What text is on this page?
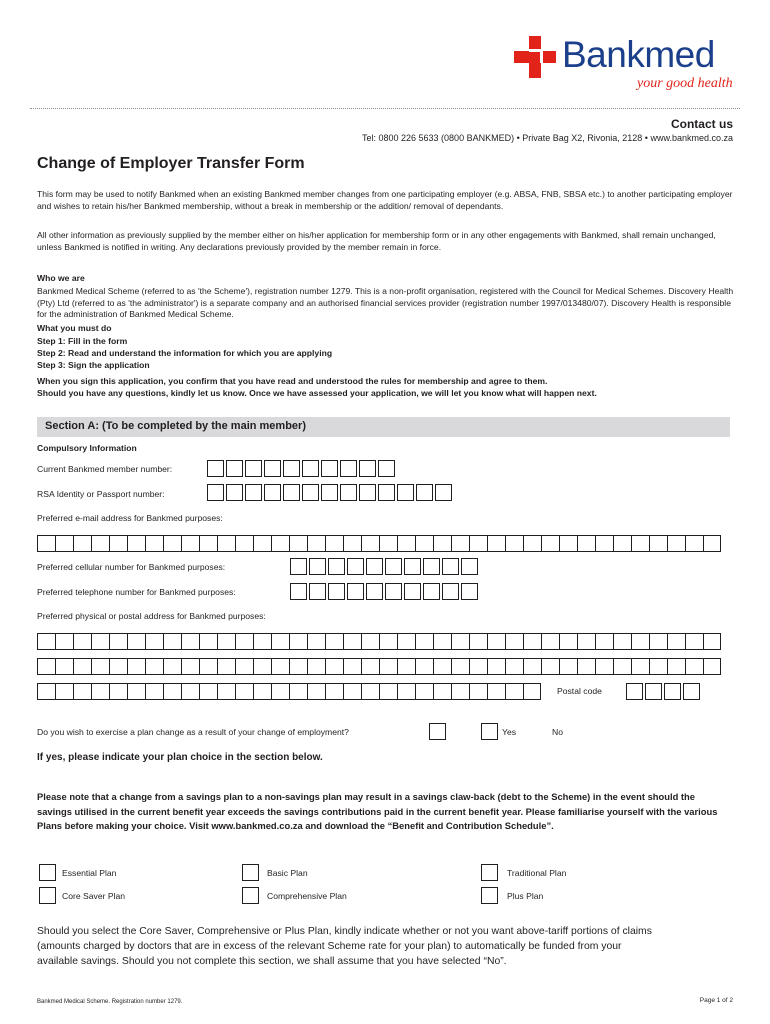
Bankmed
your good health
Contact us
Tel: 0800 226 5633 (0800 BANKMED) • Private Bag X2, Rivonia, 2128 • www.bankmed.co.za
Change of Employer Transfer Form
This form may be used to notify Bankmed when an existing Bankmed member changes from one participating employer (e.g. ABSA, FNB, SBSA etc.) to another participating employer and wishes to retain his/her Bankmed membership, without a break in membership or the addition/ removal of dependants.
All other information as previously supplied by the member either on his/her application for membership form or in any other engagements with Bankmed, shall remain unchanged, unless Bankmed is notified in writing. Any declarations previously provided by the member remain in force.
Who we are
Bankmed Medical Scheme (referred to as 'the Scheme'), registration number 1279. This is a non-profit organisation, registered with the Council for Medical Schemes. Discovery Health (Pty) Ltd (referred to as 'the administrator') is a separate company and an authorised financial services provider (registration number 1997/013480/07). Discovery Health is responsible for the administration of Bankmed Medical Scheme.
What you must do
Step 1: Fill in the form
Step 2: Read and understand the information for which you are applying
Step 3: Sign the application
When you sign this application, you confirm that you have read and understood the rules for membership and agree to them.
Should you have any questions, kindly let us know. Once we have assessed your application, we will let you know what will happen next.
Section A: (To be completed by the main member)
Compulsory Information
Current Bankmed member number:
RSA Identity or Passport number:
Preferred e-mail address for Bankmed purposes:
Preferred cellular number for Bankmed purposes:
Preferred telephone number for Bankmed purposes:
Preferred physical or postal address for Bankmed purposes:
Postal code
Do you wish to exercise a plan change as a result of your change of employment?	Yes	No
If yes, please indicate your plan choice in the section below.
Please note that a change from a savings plan to a non-savings plan may result in a savings claw-back (debt to the Scheme) in the event should the savings utilised in the current benefit year exceeds the savings contributions paid in the current benefit year. Please familiarise yourself with the various Plans before making your choice. Visit www.bankmed.co.za and download the “Benefit and Contribution Schedule”.
Essential Plan	Basic Plan	Traditional Plan
Core Saver Plan	Comprehensive Plan	Plus Plan
Should you select the Core Saver, Comprehensive or Plus Plan, kindly indicate whether or not you want above-tariff portions of claims (amounts charged by doctors that are in excess of the relevant Scheme rate for your plan) to automatically be funded from your available savings. Should you not complete this section, we shall assume that you have selected “No”.
Bankmed Medical Scheme. Registration number 1279.	Page 1 of 2
